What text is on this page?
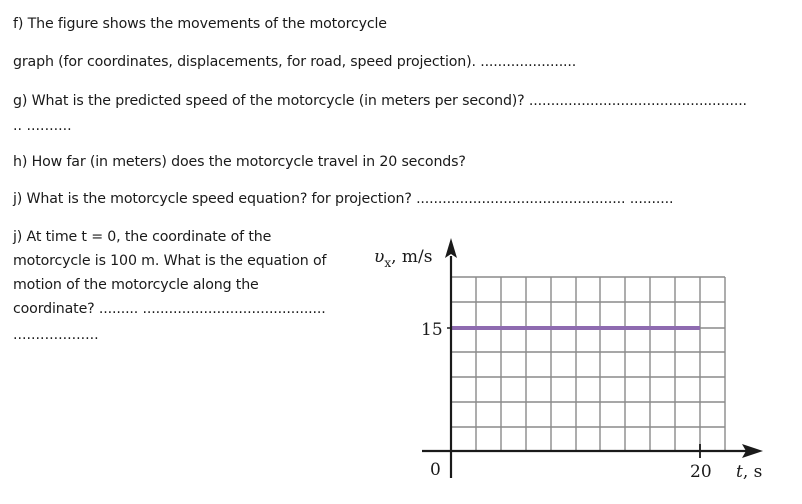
f) The figure shows the movements of the motorcycle
graph (for coordinates, displacements, for road, speed projection). ......................
g) What is the predicted speed of the motorcycle (in meters per second)? ..................................................
.. ..........
h) How far (in meters) does the motorcycle travel in 20 seconds?
j) What is the motorcycle speed equation? for projection? ................................................ ..........
j) At time t = 0, the coordinate of the
motorcycle is 100 m. What is the equation of
motion of the motorcycle along the
coordinate? ......... ..........................................
...................
$\upsilon_x$, m/s
15
0	20 t, s
